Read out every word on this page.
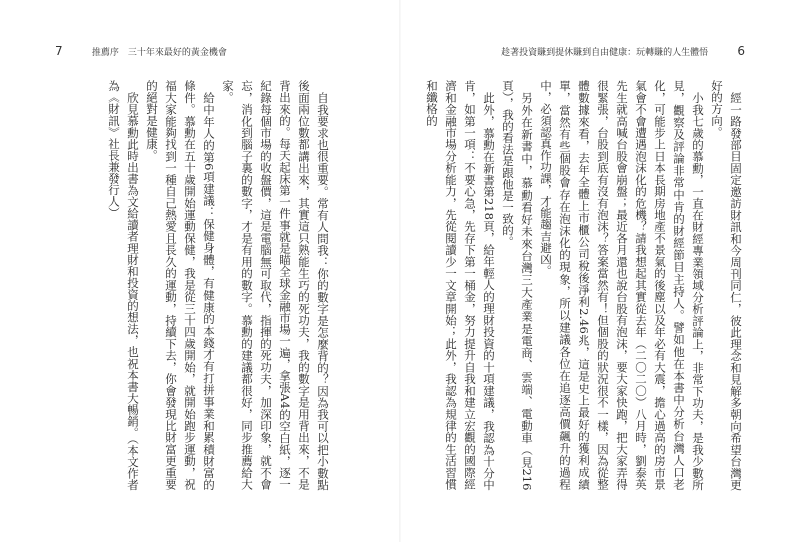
7	推薦序　三十年來最好的黃金機會

自我要求也很重要。常有人問我：你的數字是怎麼背的？因為我可以把小數點後面兩位數都講出來，其實這只熟能生巧的死功夫，我的數字是用背出來，不是背出來的。每天起床第一件事就是瞄全球金融市場一遍，拿張A4的空白紙，逐一紀錄每個市場的收盤價，這是電腦無可取代，指揮的死功夫，加深印象，就不會忘，消化到腦子裏的數字，才是有用的數字。慕勳的建議都很好，同步推薦給大家。

給中年人的第6項建議：保健身體，有健康的本錢才有打拼事業和累積財富的條件。慕勳在五十歲開始運動保健，我是從三十四歲開始，就開始跑步運動，祝福大家能夠找到一種自己熱愛且長久的運動，持續下去，你會發現比財富更重要的絕對是健康。

欣見慕勳此時出書為文給讀者理財和投資的想法，也祝本書大暢銷。（本文作者為《財訊》社長兼發行人）

趁著投資賺到提休賺到自由健康：玩轉賺的人生體悟 6

經一路發部目固定邀訪財訊和今周刊同仁，彼此理念和見解多朝向希望台灣更好的方向。

小我七歲的慕勳，一直在財經專業領域分析評論上，非常下功夫，是我少數所見，觀察及評論非常中肯的財經節目主持人。譬如他在本書中分析台灣人口老化，可能步上日本長期房地產不景氣的後塵以及年必有大震，擔心過高的房市景氣會不會遭遇泡沫化的危機？請我想起其實從去年（二〇二〇）八月時，劉泰英先生就高喊台股會崩盤；最近各月還也說台股有泡沫，要大家快跑，把大家弄得很緊張，台股到底有沒有泡沫？答案當然有！但個股的狀況很不一樣，因為從整體數據來看，去年全體上市櫃公司稅後淨利2.46兆，這是史上最好的獲利成績單，當然有些個股會存在泡沫化的現象，所以建議各位在追逐高價飆升的過程中，必須認真作功課，才能趨吉避凶。

另外在新書中，慕勳看好未來台灣三大產業是電商、雲端、電動車（見216頁），我的看法是跟他是一致的。

此外，慕勳在新書第218頁，給年輕人的理財投資的十項建議，我認為十分中肯，如第一項：不要心急，先存下第一桶金，努力提升自我和建立宏觀的國際經濟和金融市場分析能力，先從閱讀少一文章開始；此外，我認為規律的生活習慣和纖格的
